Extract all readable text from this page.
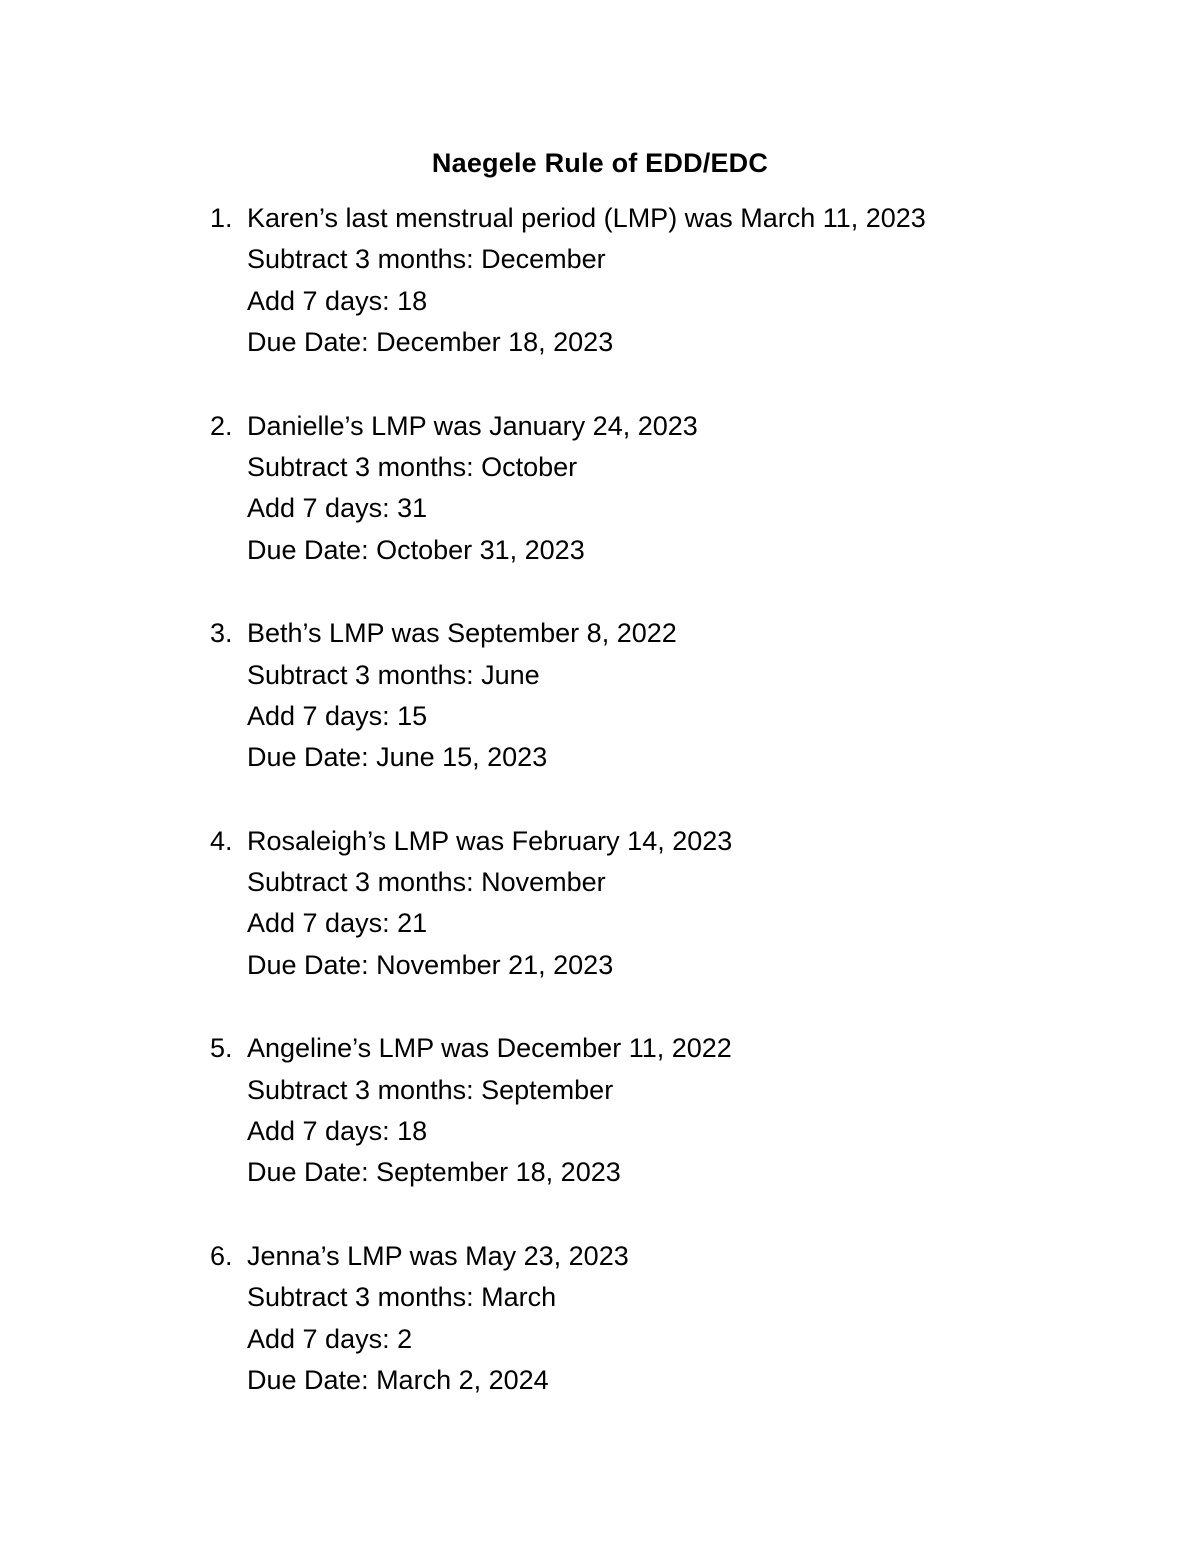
Naegele Rule of EDD/EDC
1. Karen’s last menstrual period (LMP) was March 11, 2023
Subtract 3 months: December
Add 7 days: 18
Due Date: December 18, 2023
2. Danielle’s LMP was January 24, 2023
Subtract 3 months: October
Add 7 days: 31
Due Date: October 31, 2023
3. Beth’s LMP was September 8, 2022
Subtract 3 months: June
Add 7 days: 15
Due Date: June 15, 2023
4. Rosaleigh’s LMP was February 14, 2023
Subtract 3 months: November
Add 7 days: 21
Due Date: November 21, 2023
5. Angeline’s LMP was December 11, 2022
Subtract 3 months: September
Add 7 days: 18
Due Date: September 18, 2023
6. Jenna’s LMP was May 23, 2023
Subtract 3 months: March
Add 7 days: 2
Due Date: March 2, 2024
